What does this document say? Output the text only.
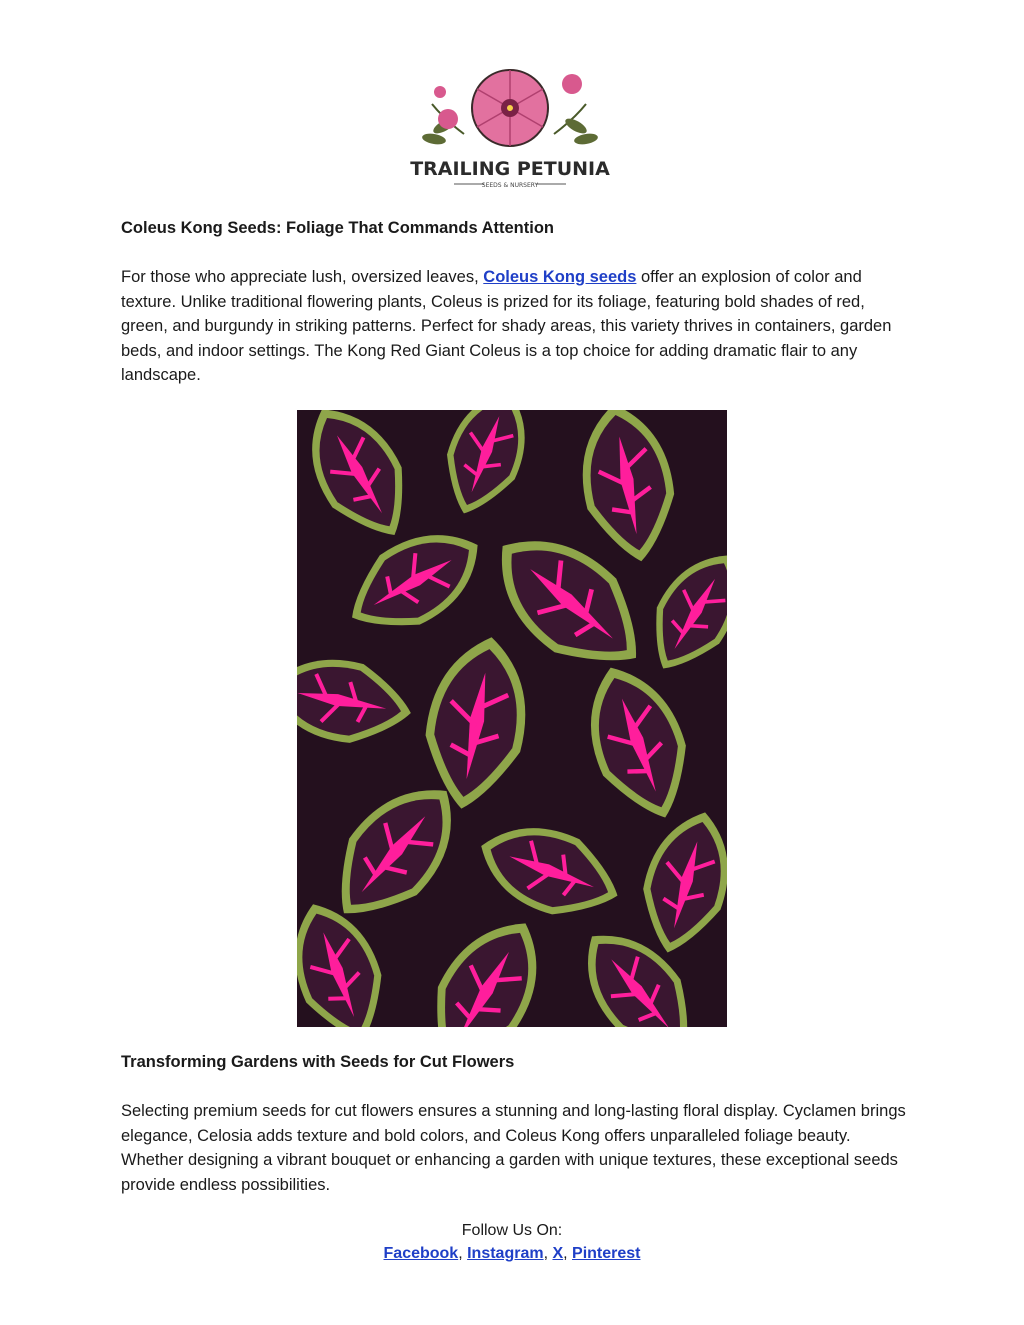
TRAILING PETUNIA
SEEDS & NURSERY
Coleus Kong Seeds: Foliage That Commands Attention
For those who appreciate lush, oversized leaves, Coleus Kong seeds offer an explosion of color and texture. Unlike traditional flowering plants, Coleus is prized for its foliage, featuring bold shades of red, green, and burgundy in striking patterns. Perfect for shady areas, this variety thrives in containers, garden beds, and indoor settings. The Kong Red Giant Coleus is a top choice for adding dramatic flair to any landscape.
Transforming Gardens with Seeds for Cut Flowers
Selecting premium seeds for cut flowers ensures a stunning and long-lasting floral display. Cyclamen brings elegance, Celosia adds texture and bold colors, and Coleus Kong offers unparalleled foliage beauty. Whether designing a vibrant bouquet or enhancing a garden with unique textures, these exceptional seeds provide endless possibilities.
Follow Us On:
Facebook, Instagram, X, Pinterest
